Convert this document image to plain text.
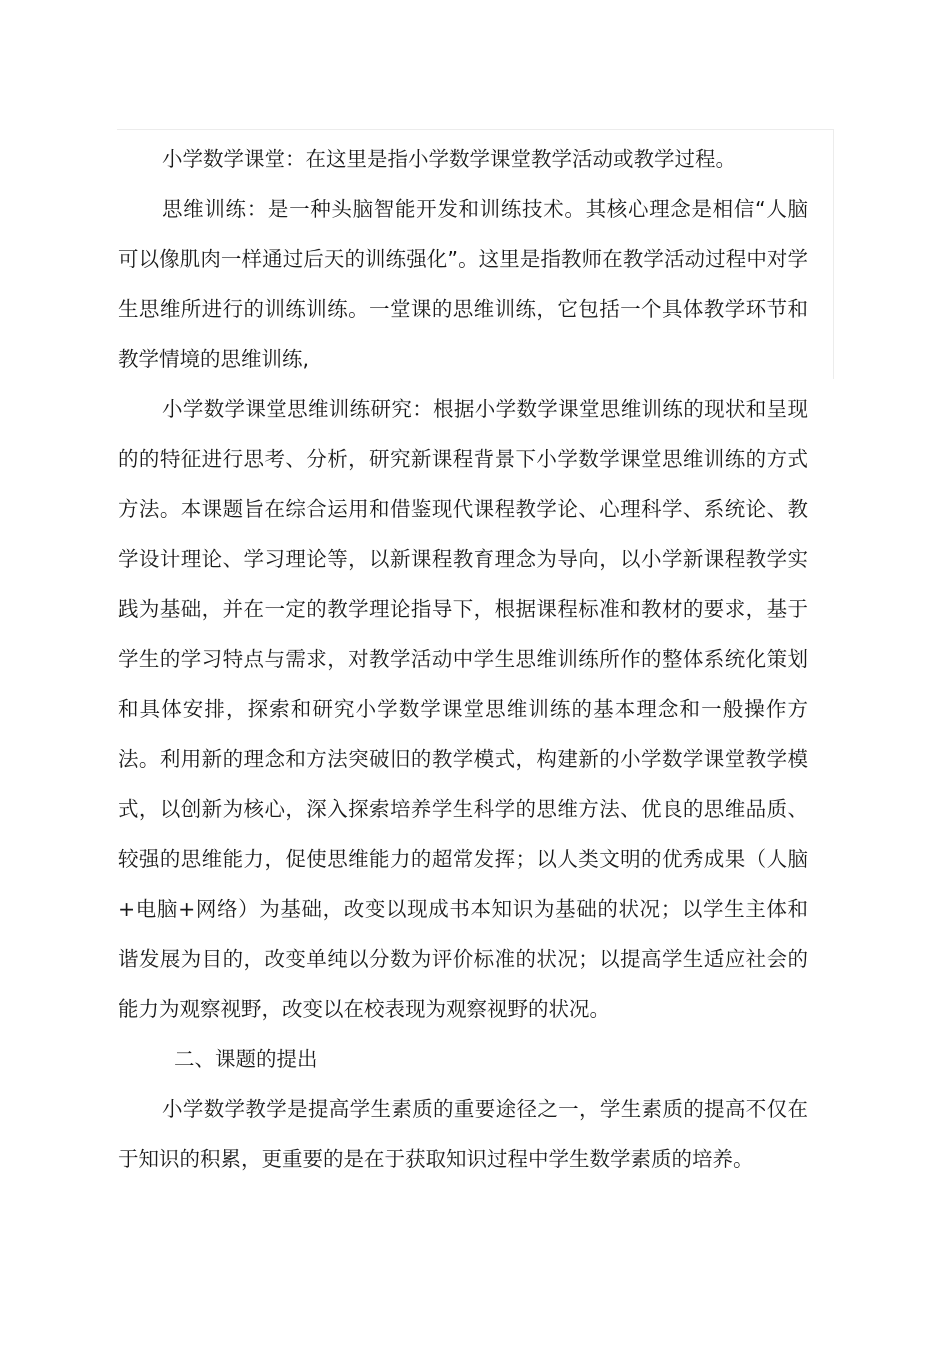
小学数学课堂：在这里是指小学数学课堂教学活动或教学过程。

思维训练：是一种头脑智能开发和训练技术。其核心理念是相信“人脑可以像肌肉一样通过后天的训练强化”。这里是指教师在教学活动过程中对学生思维所进行的训练训练。一堂课的思维训练，它包括一个具体教学环节和教学情境的思维训练,

小学数学课堂思维训练研究：根据小学数学课堂思维训练的现状和呈现的的特征进行思考、分析，研究新课程背景下小学数学课堂思维训练的方式方法。本课题旨在综合运用和借鉴现代课程教学论、心理科学、系统论、教学设计理论、学习理论等，以新课程教育理念为导向，以小学新课程教学实践为基础，并在一定的教学理论指导下，根据课程标准和教材的要求，基于学生的学习特点与需求，对教学活动中学生思维训练所作的整体系统化策划和具体安排，探索和研究小学数学课堂思维训练的基本理念和一般操作方法。利用新的理念和方法突破旧的教学模式，构建新的小学数学课堂教学模式，以创新为核心，深入探索培养学生科学的思维方法、优良的思维品质、较强的思维能力，促使思维能力的超常发挥；以人类文明的优秀成果（人脑 +电脑+网络）为基础，改变以现成书本知识为基础的状况；以学生主体和谐发展为目的，改变单纯以分数为评价标准的状况；以提高学生适应社会的能力为观察视野，改变以在校表现为观察视野的状况。

二、课题的提出

小学数学教学是提高学生素质的重要途径之一，学生素质的提高不仅在于知识的积累，更重要的是在于获取知识过程中学生数学素质的培养。
